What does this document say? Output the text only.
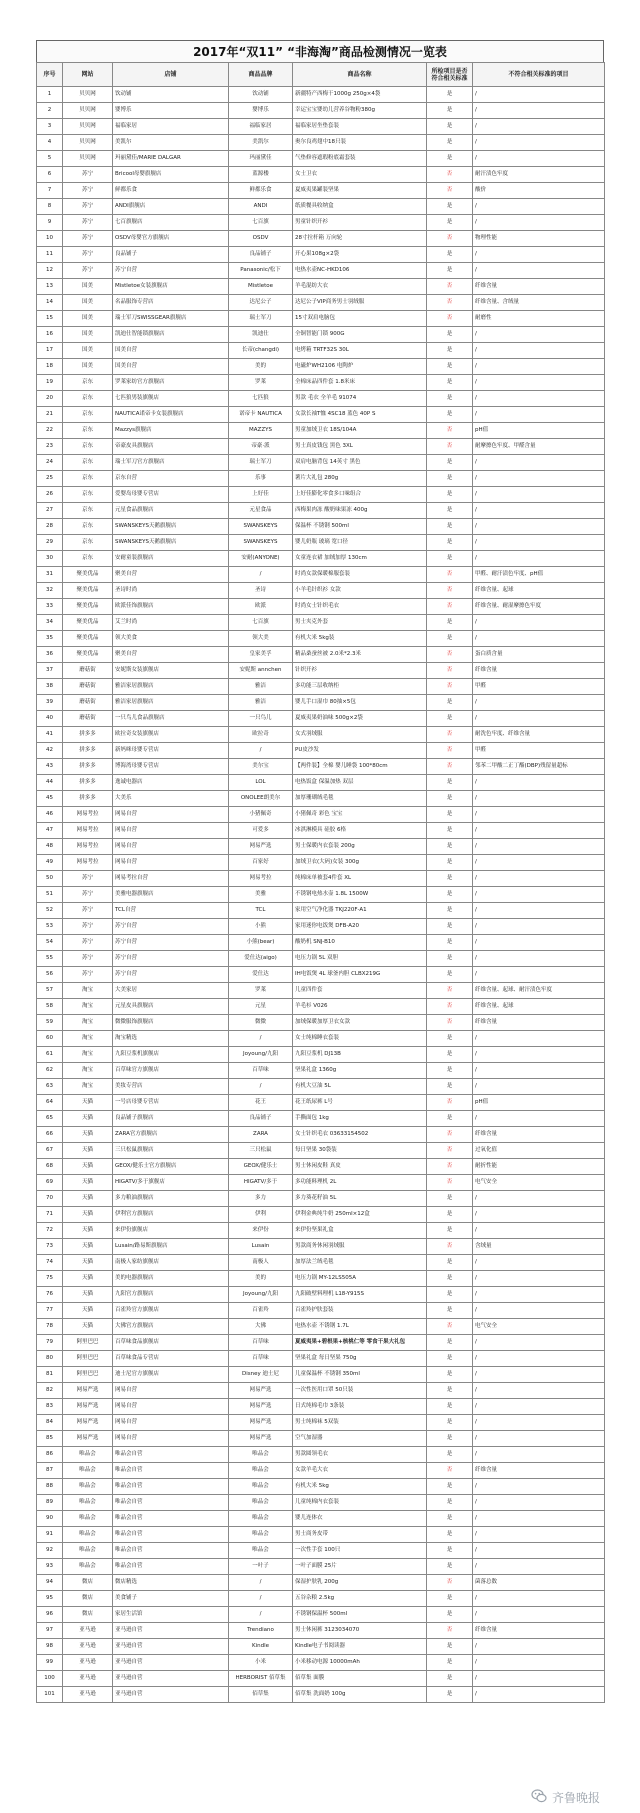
2017年“双11” “非海淘”商品检测情况一览表
序号	网站	店铺	商品品牌	商品名称	所检项目是否符合相关标准	不符合相关标准的项目
1	贝贝网	饮动铺	饮动铺	新疆特产西梅干1000g 250g×4袋	是	/
2	贝贝网	婴博乐	婴博乐	幸运宝宝婴幼儿营养谷物粉380g	是	/
3	贝贝网	福临家居	福临家居	福临家居坐垫套装	是	/
4	贝贝网	美凯尔	美凯尔	奥尔良鸡翅中18只装	是	/
5	贝贝网	玛丽黛佳/MARIE DALGAR	玛丽黛佳	气垫修容遮瑕粉底霜套装	是	/
6	苏宁	Bricool母婴旗舰店	蓝源楼	女士卫衣	否	耐汗渍色牢度
7	苏宁	鲜都乐食	鲜都乐食	夏威夷果罐装坚果	否	酸价
8	苏宁	ANDI旗舰店	ANDI	纸质餐具收纳盒	是	/
9	苏宁	七百旗舰店	七百旗	男童针织开衫	是	/
10	苏宁	OSDV母婴官方旗舰店	OSDV	28寸拉杆箱 万向轮	否	物理性能
11	苏宁	良品铺子	良品铺子	开心果108g×2袋	是	/
12	苏宁	苏宁自营	Panasonic/松下	电热水壶NC-HKD106	是	/
13	国美	Mistletoe女装旗舰店	Mistletoe	羊毛混纺大衣	否	纤维含量
14	国美	名品服饰专营店	达尼公子	达尼公子VIP商务男士羽绒服	否	纤维含量、含绒量
15	国美	瑞士军刀SWISSGEAR旗舰店	瑞士军刀	15寸双肩电脑包	否	耐磨性
16	国美	凯迪仕智能锁旗舰店	凯迪仕	全铜智能门锁 900G	是	/
17	国美	国美自营	长帝(changdi)	电烤箱 TRTF32S 30L	是	/
18	国美	国美自营	美的	电磁炉WH2106 电陶炉	是	/
19	京东	罗莱家纺官方旗舰店	罗莱	全棉床品四件套 1.8米床	是	/
20	京东	七匹狼男装旗舰店	七匹狼	男款 毛衣 全羊毛 91074	是	/
21	京东	NAUTICA诺帝卡女装旗舰店	诺帝卡 NAUTICA	女款长袖T恤 4SC18 蓝色 40P S	是	/
22	京东	Mazzys旗舰店	MAZZYS	男童加绒卫衣 18S/104A	否	pH值
23	京东	帝豪皮具旗舰店	帝豪·派	男士真皮钱包 黑色 3XL	否	耐摩擦色牢度、甲醛含量
24	京东	瑞士军刀官方旗舰店	瑞士军刀	双肩电脑背包 14英寸 黑色	是	/
25	京东	京东自营	乐事	薯片大礼包 280g	是	/
26	京东	爱婴岛母婴专营店	上好佳	上好佳膨化零食多口味组合	是	/
27	京东	元星食品旗舰店	元星食品	西梅果肉冻 酸奶味果冻 400g	是	/
28	京东	SWANSKEYS天鹅旗舰店	SWANSKEYS	保温杯 不锈钢 500ml	是	/
29	京东	SWANSKEYS天鹅旗舰店	SWANSKEYS	婴儿奶瓶 玻璃 宽口径	是	/
30	京东	安耐童装旗舰店	安耐(ANYONE)	女童连衣裙 加绒加厚 130cm	是	/
31	聚美优品	聚美自营	/	时尚女款保暖棉服套装	否	甲醛、耐汗渍色牢度、pH值
32	聚美优品	圣诗时尚	圣诗	小羊毛针织衫 女款	否	纤维含量、起球
33	聚美优品	欧派佳饰旗舰店	欧派	时尚女士针织毛衣	否	纤维含量、耐湿摩擦色牢度
34	聚美优品	艾兰时尚	七百旗	男士夹克外套	是	/
35	聚美优品	领大美食	领大美	有机大米 5kg装	是	/
36	聚美优品	聚美自营	皇家美孚	精品桑蚕丝被 2.0米*2.3米	否	蛋白质含量
37	蘑菇街	安妮斯女装旗舰店	安妮斯 annchen	针织开衫	否	纤维含量
38	蘑菇街	雅洁家居旗舰店	雅洁	多功能三层收纳柜	否	甲醛
39	蘑菇街	雅洁家居旗舰店	雅洁	婴儿手口湿巾 80抽×5包	是	/
40	蘑菇街	一只鸟儿食品旗舰店	一只鸟儿	夏威夷果奶油味 500g×2袋	是	/
41	拼多多	欧拉奇女装旗舰店	欧拉奇	女式羽绒服	否	耐洗色牢度、纤维含量
42	拼多多	新妈咪母婴专营店	/	PU皮沙发	否	甲醛
43	拼多多	博海湾母婴专营店	美尔宝	【两件装】全棉 婴儿睡袋 100*80cm	否	邻苯二甲酸二正丁酯(DBP)残留量超标
44	拼多多	逸诚电器店	LOL	电热饭盒 保温加热 双层	是	/
45	拼多多	大美乐	ONOLEE朗美尔	加厚珊瑚绒毛毯	是	/
46	网易考拉	网易自营	小猪佩奇	小猪佩奇 彩色 宝宝	是	/
47	网易考拉	网易自营	可爱多	冰淇淋模具 硅胶 6格	是	/
48	网易考拉	网易自营	网易严选	男士保暖内衣套装 200g	是	/
49	网易考拉	网易自营	百家好	加绒卫衣(大码)女装 300g	是	/
50	苏宁	网易考拉自营	网易考拉	纯棉床单被套4件套 XL	是	/
51	苏宁	美雅电器旗舰店	美雅	不锈钢电热水壶 1.8L 1500W	是	/
52	苏宁	TCL自营	TCL	家用空气净化器 TKJ220F-A1	是	/
53	苏宁	苏宁自营	小熊	家用迷你电饭煲 DFB-A20	是	/
54	苏宁	苏宁自营	小熊(bear)	酸奶机 SNJ-B10	是	/
55	苏宁	苏宁自营	爱仕达(aigo)	电压力锅 5L 双胆	是	/
56	苏宁	苏宁自营	爱仕达	IH电饭煲 4L 球釜内胆 CLBX219G	是	/
57	淘宝	大美家居	罗莱	儿童四件套	否	纤维含量、起球、耐汗渍色牢度
58	淘宝	元星皮具旗舰店	元星	羊毛衫 V026	否	纤维含量、起球
59	淘宝	微微服饰旗舰店	微微	加绒保暖加厚卫衣女款	否	纤维含量
60	淘宝	淘宝精选	/	女士纯棉睡衣套装	是	/
61	淘宝	九阳豆浆机旗舰店	Joyoung/九阳	九阳豆浆机 DJ13B	是	/
62	淘宝	百草味官方旗舰店	百草味	坚果礼盒 1360g	是	/
63	淘宝	美妆专营店	/	有机大豆油 5L	是	/
64	天猫	一号店母婴专营店	花王	花王纸尿裤 L号	否	pH值
65	天猫	良品铺子旗舰店	良品铺子	手撕面包 1kg	是	/
66	天猫	ZARA官方旗舰店	ZARA	女士针织毛衣 03633154502	否	纤维含量
67	天猫	三只松鼠旗舰店	三只松鼠	每日坚果 30袋装	否	过氧化值
68	天猫	GEOX/健乐士官方旗舰店	GEOX/健乐士	男士休闲皮鞋 真皮	否	耐折性能
69	天猫	HIGATV/多于旗舰店	HIGATV/多于	多功能料理机 2L	否	电气安全
70	天猫	多力粮油旗舰店	多力	多力葵花籽油 5L	是	/
71	天猫	伊利官方旗舰店	伊利	伊利金典纯牛奶 250ml×12盒	是	/
72	天猫	来伊份旗舰店	来伊份	来伊份坚果礼盒	是	/
73	天猫	Lusain/路易斯旗舰店	Lusain	男款商务休闲羽绒服	否	含绒量
74	天猫	南极人家纺旗舰店	南极人	加厚法兰绒毛毯	是	/
75	天猫	美的电器旗舰店	美的	电压力锅 MY-12LS505A	是	/
76	天猫	九阳官方旗舰店	Joyoung/九阳	九阳破壁料理机 L18-Y915S	是	/
77	天猫	百雀羚官方旗舰店	百雀羚	百雀羚护肤套装	是	/
78	天猫	大佛官方旗舰店	大佛	电热水壶 不锈钢 1.7L	否	电气安全
79	阿里巴巴	百草味食品旗舰店	百草味	夏威夷果+碧根果+核桃仁等 零食干果大礼包	是	/
80	阿里巴巴	百草味食品专营店	百草味	坚果礼盒 每日坚果 750g	是	/
81	阿里巴巴	迪士尼官方旗舰店	Disney 迪士尼	儿童保温杯 不锈钢 350ml	是	/
82	网易严选	网易自营	网易严选	一次性医用口罩 50只装	是	/
83	网易严选	网易自营	网易严选	日式纯棉毛巾 3条装	是	/
84	网易严选	网易自营	网易严选	男士纯棉袜 5双装	是	/
85	网易严选	网易自营	网易严选	空气加湿器	是	/
86	唯品会	唯品会自营	唯品会	男款圆领毛衣	是	/
87	唯品会	唯品会自营	唯品会	女款羊毛大衣	否	纤维含量
88	唯品会	唯品会自营	唯品会	有机大米 5kg	是	/
89	唯品会	唯品会自营	唯品会	儿童纯棉内衣套装	是	/
90	唯品会	唯品会自营	唯品会	婴儿连体衣	是	/
91	唯品会	唯品会自营	唯品会	男士商务皮带	是	/
92	唯品会	唯品会自营	唯品会	一次性手套 100只	是	/
93	唯品会	唯品会自营	一叶子	一叶子面膜 25片	是	/
94	微店	微店精选	/	保湿护肤乳 200g	否	菌落总数
95	微店	美食铺子	/	五谷杂粮 2.5kg	是	/
96	微店	家居生活馆	/	不锈钢保温杯 500ml	是	/
97	亚马逊	亚马逊自营	Trendiano	男士休闲裤 3123034070	否	纤维含量
98	亚马逊	亚马逊自营	Kindle	Kindle电子书阅读器	是	/
99	亚马逊	亚马逊自营	小米	小米移动电源 10000mAh	是	/
100	亚马逊	亚马逊自营	HERBORIST 佰草集	佰草集 面膜	是	/
101	亚马逊	亚马逊自营	佰草集	佰草集 洗面奶 100g	是	/
齐鲁晚报
